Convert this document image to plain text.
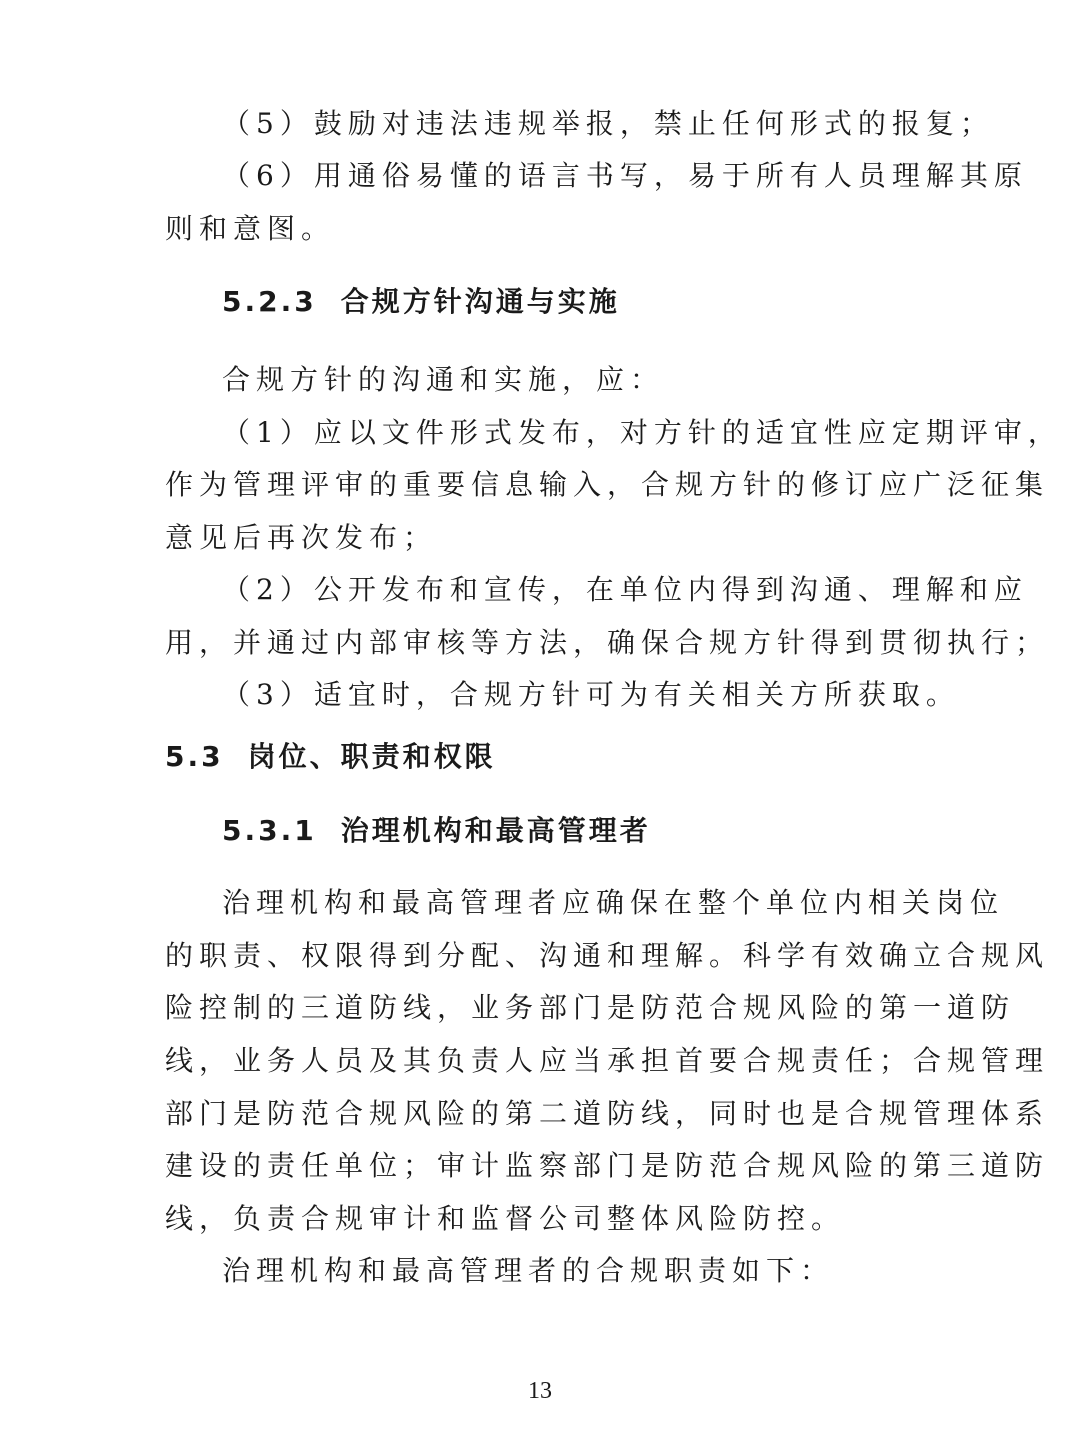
（5）鼓励对违法违规举报，禁止任何形式的报复；
（6）用通俗易懂的语言书写，易于所有人员理解其原
则和意图。
5.2.3 合规方针沟通与实施
合规方针的沟通和实施，应：
（1）应以文件形式发布，对方针的适宜性应定期评审，
作为管理评审的重要信息输入，合规方针的修订应广泛征集
意见后再次发布；
（2）公开发布和宣传，在单位内得到沟通、理解和应
用，并通过内部审核等方法，确保合规方针得到贯彻执行；
（3）适宜时，合规方针可为有关相关方所获取。
5.3 岗位、职责和权限
5.3.1 治理机构和最高管理者
治理机构和最高管理者应确保在整个单位内相关岗位
的职责、权限得到分配、沟通和理解。科学有效确立合规风
险控制的三道防线，业务部门是防范合规风险的第一道防
线，业务人员及其负责人应当承担首要合规责任；合规管理
部门是防范合规风险的第二道防线，同时也是合规管理体系
建设的责任单位；审计监察部门是防范合规风险的第三道防
线，负责合规审计和监督公司整体风险防控。
治理机构和最高管理者的合规职责如下：
13
